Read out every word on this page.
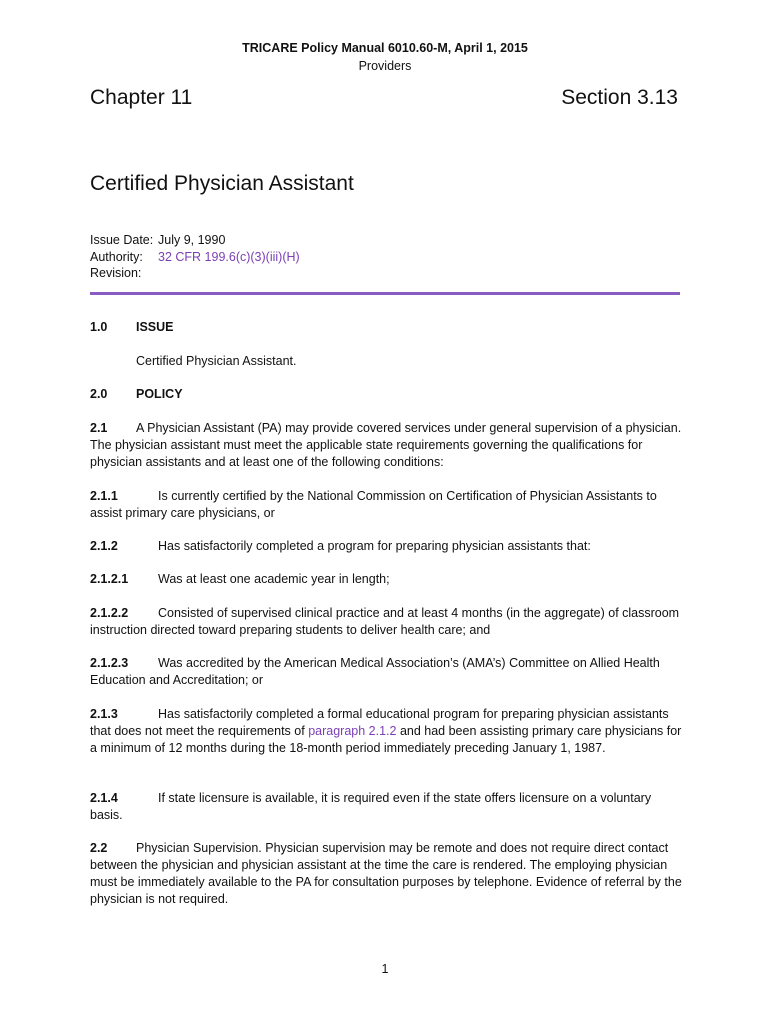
TRICARE Policy Manual 6010.60-M, April 1, 2015
Providers
Chapter 11	Section 3.13
Certified Physician Assistant
Issue Date: July 9, 1990
Authority: 32 CFR 199.6(c)(3)(iii)(H)
Revision:
1.0 ISSUE
Certified Physician Assistant.
2.0 POLICY
2.1 A Physician Assistant (PA) may provide covered services under general supervision of a physician. The physician assistant must meet the applicable state requirements governing the qualifications for physician assistants and at least one of the following conditions:
2.1.1	Is currently certified by the National Commission on Certification of Physician Assistants to assist primary care physicians, or
2.1.2	Has satisfactorily completed a program for preparing physician assistants that:
2.1.2.1 Was at least one academic year in length;
2.1.2.2 Consisted of supervised clinical practice and at least 4 months (in the aggregate) of classroom instruction directed toward preparing students to deliver health care; and
2.1.2.3 Was accredited by the American Medical Association’s (AMA’s) Committee on Allied Health Education and Accreditation; or
2.1.3	Has satisfactorily completed a formal educational program for preparing physician assistants that does not meet the requirements of paragraph 2.1.2 and had been assisting primary care physicians for a minimum of 12 months during the 18-month period immediately preceding January 1, 1987.
2.1.4	If state licensure is available, it is required even if the state offers licensure on a voluntary basis.
2.2 Physician Supervision. Physician supervision may be remote and does not require direct contact between the physician and physician assistant at the time the care is rendered. The employing physician must be immediately available to the PA for consultation purposes by telephone. Evidence of referral by the physician is not required.
1
